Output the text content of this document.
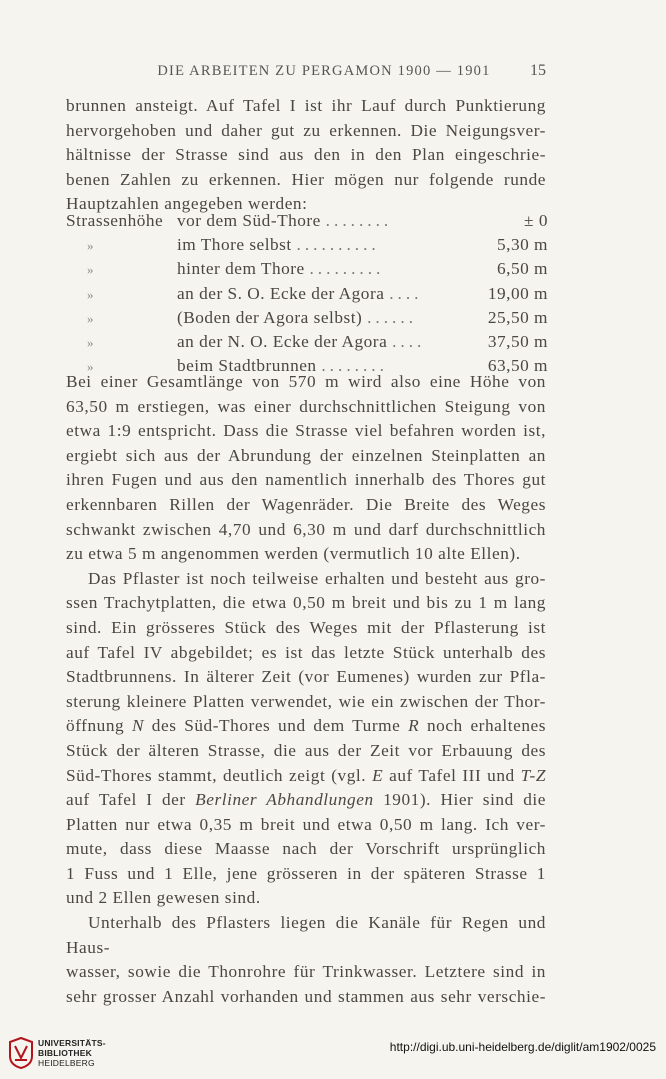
DIE ARBEITEN ZU PERGAMON 1900 — 1901	15
brunnen ansteigt. Auf Tafel I ist ihr Lauf durch Punktierung
hervorgehoben und daher gut zu erkennen. Die Neigungsver-
hältnisse der Strasse sind aus den in den Plan eingeschrie-
benen Zahlen zu erkennen. Hier mögen nur folgende runde
Hauptzahlen angegeben werden:
Strassenhöhe vor dem Süd-Thore ........	± 0
»	im Thore selbst ..........	5,30 m
»	hinter dem Thore .........	6,50 m
»	an der S. O. Ecke der Agora ....	19,00 m
»	(Boden der Agora selbst) ......	25,50 m
»	an der N. O. Ecke der Agora ....	37,50 m
»	beim Stadtbrunnen ........	63,50 m
Bei einer Gesamtlänge von 570 m wird also eine Höhe von
63,50 m erstiegen, was einer durchschnittlichen Steigung von
etwa 1:9 entspricht. Dass die Strasse viel befahren worden ist,
ergiebt sich aus der Abrundung der einzelnen Steinplatten an
ihren Fugen und aus den namentlich innerhalb des Thores gut
erkennbaren Rillen der Wagenräder. Die Breite des Weges
schwankt zwischen 4,70 und 6,30 m und darf durchschnittlich
zu etwa 5 m angenommen werden (vermutlich 10 alte Ellen).
Das Pflaster ist noch teilweise erhalten und besteht aus gro-
ssen Trachytplatten, die etwa 0,50 m breit und bis zu 1 m lang
sind. Ein grösseres Stück des Weges mit der Pflasterung ist
auf Tafel IV abgebildet; es ist das letzte Stück unterhalb des
Stadtbrunnens. In älterer Zeit (vor Eumenes) wurden zur Pfla-
sterung kleinere Platten verwendet, wie ein zwischen der Thor-
öffnung N des Süd-Thores und dem Turme R noch erhaltenes
Stück der älteren Strasse, die aus der Zeit vor Erbauung des
Süd-Thores stammt, deutlich zeigt (vgl. E auf Tafel III und T-Z
auf Tafel I der Berliner Abhandlungen 1901). Hier sind die
Platten nur etwa 0,35 m breit und etwa 0,50 m lang. Ich ver-
mute, dass diese Maasse nach der Vorschrift ursprünglich
1 Fuss und 1 Elle, jene grösseren in der späteren Strasse 1
und 2 Ellen gewesen sind.
Unterhalb des Pflasters liegen die Kanäle für Regen und Haus-
wasser, sowie die Thonrohre für Trinkwasser. Letztere sind in
sehr grosser Anzahl vorhanden und stammen aus sehr verschie-
UNIVERSITÄTS-
BIBLIOTHEK
HEIDELBERG
http://digi.ub.uni-heidelberg.de/diglit/am1902/0025
